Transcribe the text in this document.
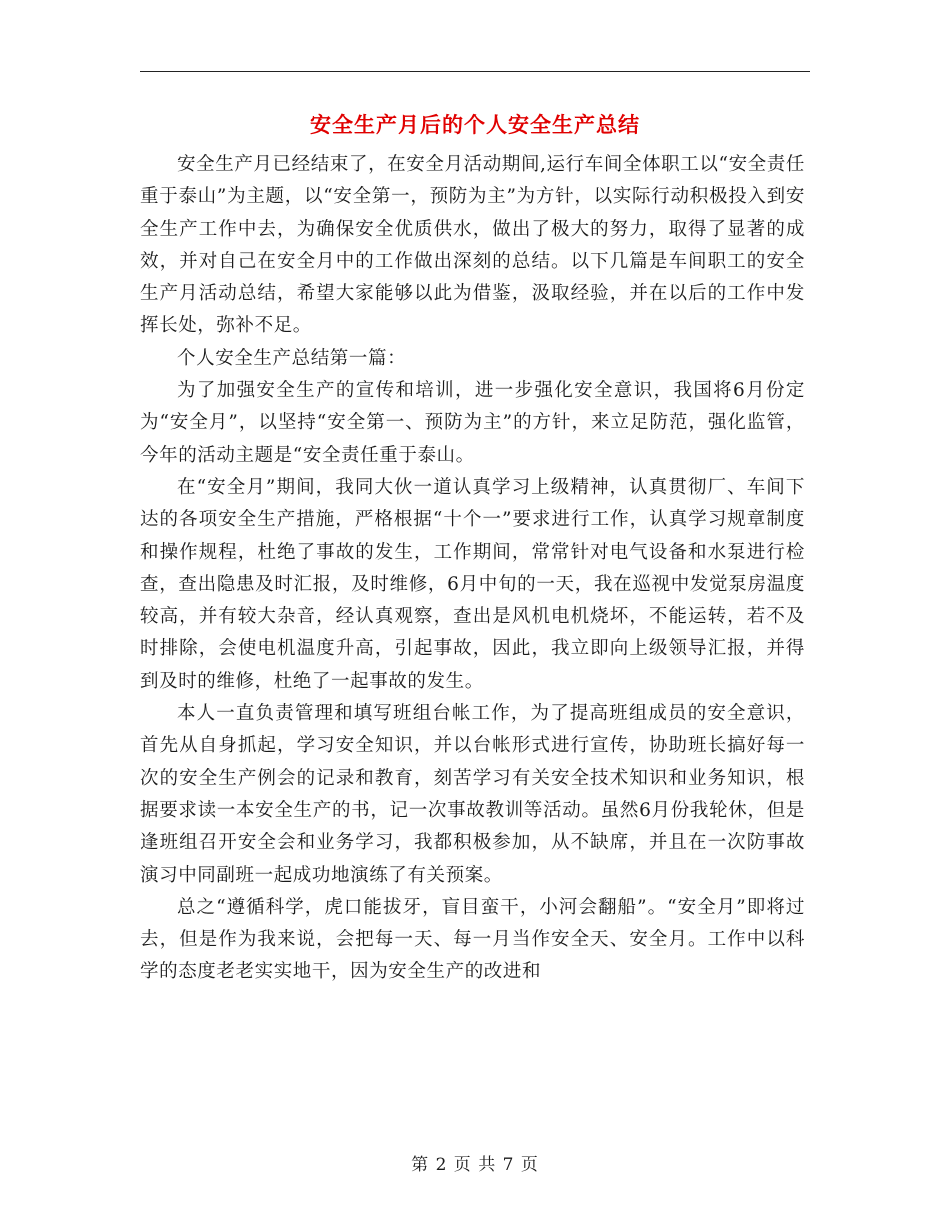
安全生产月后的个人安全生产总结

安全生产月已经结束了，在安全月活动期间,运行车间全体职工以“安全责任重于泰山”为主题，以“安全第一，预防为主”为方针，以实际行动积极投入到安全生产工作中去，为确保安全优质供水，做出了极大的努力，取得了显著的成效，并对自己在安全月中的工作做出深刻的总结。以下几篇是车间职工的安全生产月活动总结，希望大家能够以此为借鉴，汲取经验，并在以后的工作中发挥长处，弥补不足。

个人安全生产总结第一篇：

为了加强安全生产的宣传和培训，进一步强化安全意识，我国将6月份定为“安全月”，以坚持“安全第一、预防为主”的方针，来立足防范，强化监管，今年的活动主题是“安全责任重于泰山。

在“安全月”期间，我同大伙一道认真学习上级精神，认真贯彻厂、车间下达的各项安全生产措施，严格根据“十个一”要求进行工作，认真学习规章制度和操作规程，杜绝了事故的发生，工作期间，常常针对电气设备和水泵进行检查，查出隐患及时汇报，及时维修，6月中旬的一天，我在巡视中发觉泵房温度较高，并有较大杂音，经认真观察，查出是风机电机烧坏，不能运转，若不及时排除，会使电机温度升高，引起事故，因此，我立即向上级领导汇报，并得到及时的维修，杜绝了一起事故的发生。

本人一直负责管理和填写班组台帐工作，为了提高班组成员的安全意识，首先从自身抓起，学习安全知识，并以台帐形式进行宣传，协助班长搞好每一次的安全生产例会的记录和教育，刻苦学习有关安全技术知识和业务知识，根据要求读一本安全生产的书，记一次事故教训等活动。虽然6月份我轮休，但是逢班组召开安全会和业务学习，我都积极参加，从不缺席，并且在一次防事故演习中同副班一起成功地演练了有关预案。

总之“遵循科学，虎口能拔牙，盲目蛮干，小河会翻船”。“安全月”即将过去，但是作为我来说，会把每一天、每一月当作安全天、安全月。工作中以科学的态度老老实实地干，因为安全生产的改进和

第 2 页 共 7 页
